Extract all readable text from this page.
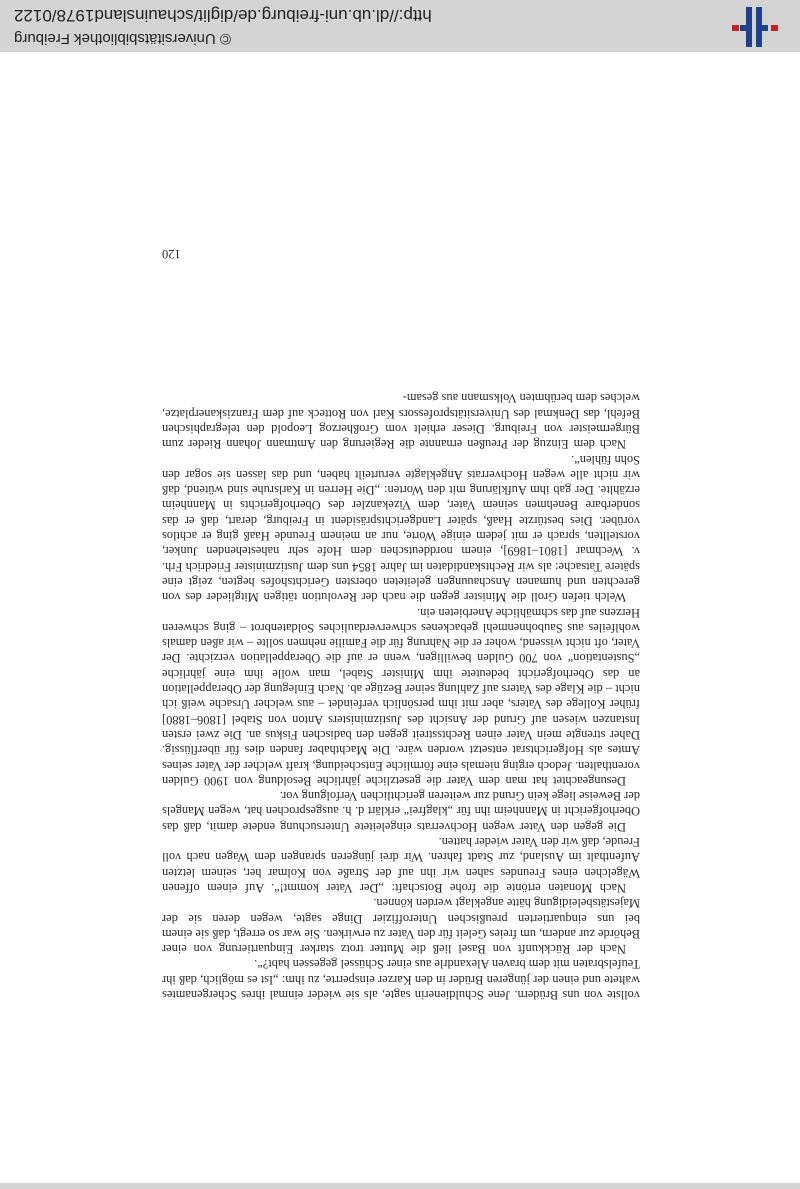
vollste von uns Brüdern. Jene Schuldienerin sagte, als sie wieder einmal ihres Schergenamtes waltete und einen der jüngeren Brüder in den Karzer einsperrte, zu ihm: „Ist es möglich, daß ihr Teufelsbraten mit dem braven Alexandrle aus einer Schüssel gegessen habt?“.

Nach der Rückkunft von Basel ließ die Mutter trotz starker Einquartierung von einer Behörde zur andern, um freies Geleit für den Vater zu erwirken. Sie war so erregt, daß sie einem bei uns einquartierten preußischen Unteroffizier Dinge sagte, wegen deren sie der Majestätsbeleidigung hätte angeklagt werden können.

Nach Monaten ertönte die frohe Botschaft: „Der Vater kommt!“. Auf einem offenen Wägelchen eines Freundes sahen wir ihn auf der Straße von Kolmar her, seinem letzten Aufenthalt im Ausland, zur Stadt fahren. Wir drei jüngeren sprangen dem Wagen nach voll Freude, daß wir den Vater wieder hatten.

Die gegen den Vater wegen Hochverrats eingeleitete Untersuchung endete damit, daß das Oberhofgericht in Mannheim ihn für „klagfrei“ erklärt d. h. ausgesprochen hat, wegen Mangels der Beweise liege kein Grund zur weiteren gerichtlichen Verfolgung vor.

Desungeachtet hat man dem Vater die gesetzliche jährliche Besoldung von 1900 Gulden vorenthalten. Jedoch erging niemals eine förmliche Entscheidung, kraft welcher der Vater seines Amtes als Hofgerichtsrat entsetzt worden wäre. Die Machthaber fanden dies für überflüssig. Daher strengte mein Vater einen Rechtsstreit gegen den badischen Fiskus an. Die zwei ersten Instanzen wiesen auf Grund der Ansicht des Justizministers Anton von Stabel [1806–1880] früher Kollege des Vaters, aber mit ihm persönlich verfeindet – aus welcher Ursache weiß ich nicht – die Klage des Vaters auf Zahlung seiner Bezüge ab. Nach Einlegung der Oberappellation an das Oberhofgericht bedeutete ihm Minister Stabel, man wolle ihm eine jährliche „Sustentation“ von 700 Gulden bewilligen, wenn er auf die Oberappellation verzichte. Der Vater, oft nicht wissend, woher er die Nahrung für die Familie nehmen sollte – wir aßen damals wohlfeiles aus Saubohnenmehl gebackenes schwerverdauliches Soldatenbrot – ging schweren Herzens auf das schmähliche Anerbieten ein.

Welch tiefen Groll die Minister gegen die nach der Revolution tätigen Mitglieder des von gerechten und humanen Anschauungen geleiteten obersten Gerichtshofes hegten, zeigt eine spätere Tatsache: als wir Rechtskandidaten im Jahre 1854 uns dem Justizminister Friedrich Frh. v. Wechmar [1801–1869], einem norddeutschen dem Hofe sehr nahestehenden Junker, vorstellten, sprach er mit jedem einige Worte, nur an meinem Freunde Haaß ging er achtlos vorüber. Dies bestürzte Haaß, später Landgerichtspräsident in Freiburg, derart, daß er das sonderbare Benehmen seinem Vater, dem Vizekanzler des Oberhofgerichts in Mannheim erzählte. Der gab ihm Aufklärung mit den Worten: „Die Herren in Karlsruhe sind wütend, daß wir nicht alle wegen Hochverrats Angeklagte verurteilt haben, und das lassen sie sogar den Sohn fühlen“.

Nach dem Einzug der Preußen ernannte die Regierung den Amtmann Johann Rieder zum Bürgermeister von Freiburg. Dieser erhielt vom Großherzog Leopold den telegraphischen Befehl, das Denkmal des Universitätsprofessors Karl von Rotteck auf dem Franziskanerplatze, welches dem berühmten Volksmann aus gesam-

120
© Universitätsbibliothek Freiburg
http://dl.ub.uni-freiburg.de/diglit/schauinsland1978/0122
